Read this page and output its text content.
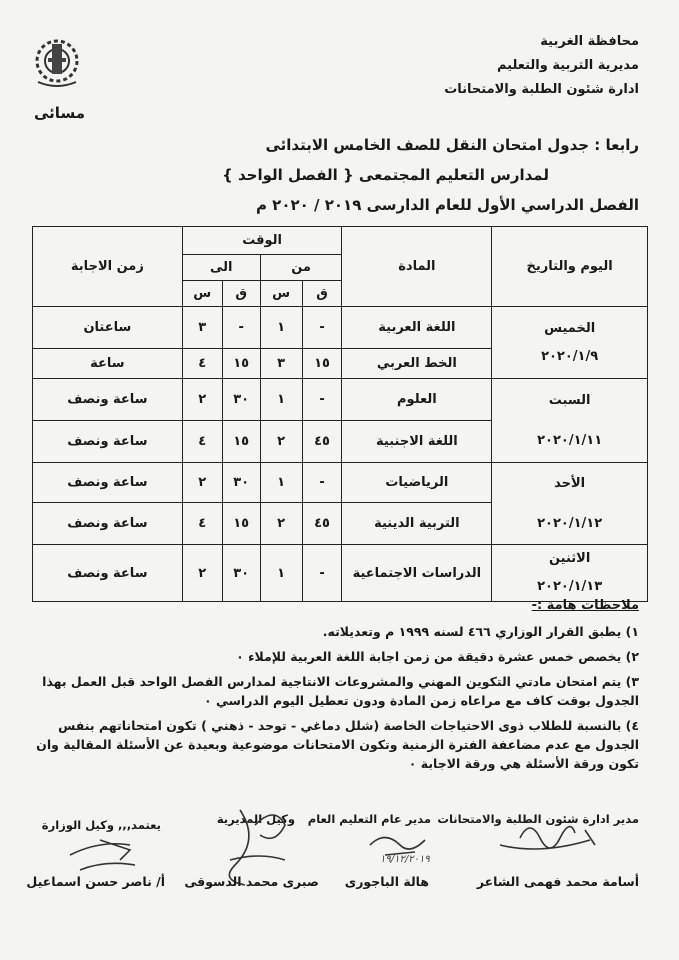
محافظة الغربية
مديرية التربية والتعليم
ادارة شئون الطلبة والامتحانات
مسائى
رابعا : جدول امتحان النقل للصف الخامس الابتدائى
لمدارس التعليم المجتمعى { الفصل الواحد }
الفصل الدراسي الأول للعام الدارسى ٢٠١٩ / ٢٠٢٠ م
اليوم والتاريخ	المادة	الوقت				زمن الاجابة
		من		الى		
		ق	س	ق	س	

الخميس
٢٠٢٠/١/٩	اللغة العربية	-	١	-	٣	ساعتان
	الخط العربي	١٥	٣	١٥	٤	ساعة

السبت
٢٠٢٠/١/١١	العلوم	-	١	٣٠	٢	ساعة ونصف
	اللغة الاجنبية	٤٥	٢	١٥	٤	ساعة ونصف

الأحد
٢٠٢٠/١/١٢	الرياضيات	-	١	٣٠	٢	ساعة ونصف
	التربية الدينية	٤٥	٢	١٥	٤	ساعة ونصف

الاثنين
٢٠٢٠/١/١٣	الدراسات الاجتماعية	-	١	٣٠	٢	ساعة ونصف
ملاحظات هامة :-
١) يطبق القرار الوزاري ٤٦٦ لسنه ١٩٩٩ م وتعديلاته.
٢) يخصص خمس عشرة دقيقة من زمن اجابة اللغة العربية للإملاء ٠
٣) يتم امتحان مادتي التكوين المهني والمشروعات الانتاجية لمدارس الفصل الواحد قبل العمل بهذا الجدول بوقت كاف مع مراعاه زمن المادة ودون تعطيل اليوم الدراسي ٠
٤) بالنسبة للطلاب ذوى الاحتياجات الخاصة (شلل دماغي - توحد - ذهني ) تكون امتحاناتهم بنفس الجدول مع عدم مضاعفة الفترة الزمنية وتكون الامتحانات موضوعية وبعيدة عن الأسئلة المقالية وان تكون ورقة الأسئلة هي ورقة الاجابة ٠
مدير ادارة شئون الطلبة والامتحانات
مدير عام التعليم العام
وكيل المديرية
يعتمد,,, وكيل الوزارة
١٩/١٢/٢٠١٩
أسامة محمد فهمى الشاعر
هالة الباجورى
صبرى محمد الدسوقى
أ/ ناصر حسن اسماعيل
